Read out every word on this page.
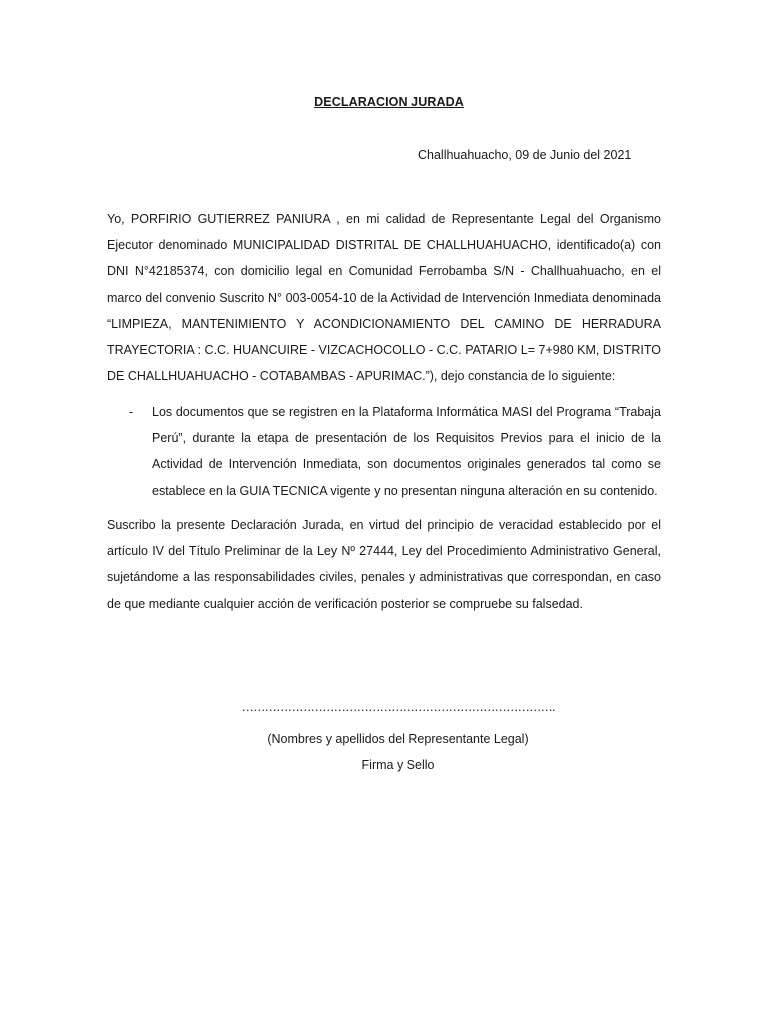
DECLARACION JURADA
Challhuahuacho, 09 de Junio del 2021
Yo, PORFIRIO GUTIERREZ PANIURA , en mi calidad de Representante Legal del Organismo Ejecutor denominado MUNICIPALIDAD DISTRITAL DE CHALLHUAHUACHO, identificado(a) con DNI N°42185374, con domicilio legal en Comunidad Ferrobamba S/N - Challhuahuacho, en el marco del convenio Suscrito N° 003-0054-10 de la Actividad de Intervención Inmediata denominada “LIMPIEZA, MANTENIMIENTO Y ACONDICIONAMIENTO DEL CAMINO DE HERRADURA TRAYECTORIA : C.C. HUANCUIRE - VIZCACHOCOLLO - C.C. PATARIO L= 7+980 KM, DISTRITO DE CHALLHUAHUACHO - COTABAMBAS - APURIMAC.”), dejo constancia de lo siguiente:
- Los documentos que se registren en la Plataforma Informática MASI del Programa “Trabaja Perú”, durante la etapa de presentación de los Requisitos Previos para el inicio de la Actividad de Intervención Inmediata, son documentos originales generados tal como se establece en la GUIA TECNICA vigente y no presentan ninguna alteración en su contenido.
Suscribo la presente Declaración Jurada, en virtud del principio de veracidad establecido por el artículo IV del Título Preliminar de la Ley Nº 27444, Ley del Procedimiento Administrativo General, sujetándome a las responsabilidades civiles, penales y administrativas que correspondan, en caso de que mediante cualquier acción de verificación posterior se compruebe su falsedad.
……………………………………………………………………….
(Nombres y apellidos del Representante Legal)
Firma y Sello
